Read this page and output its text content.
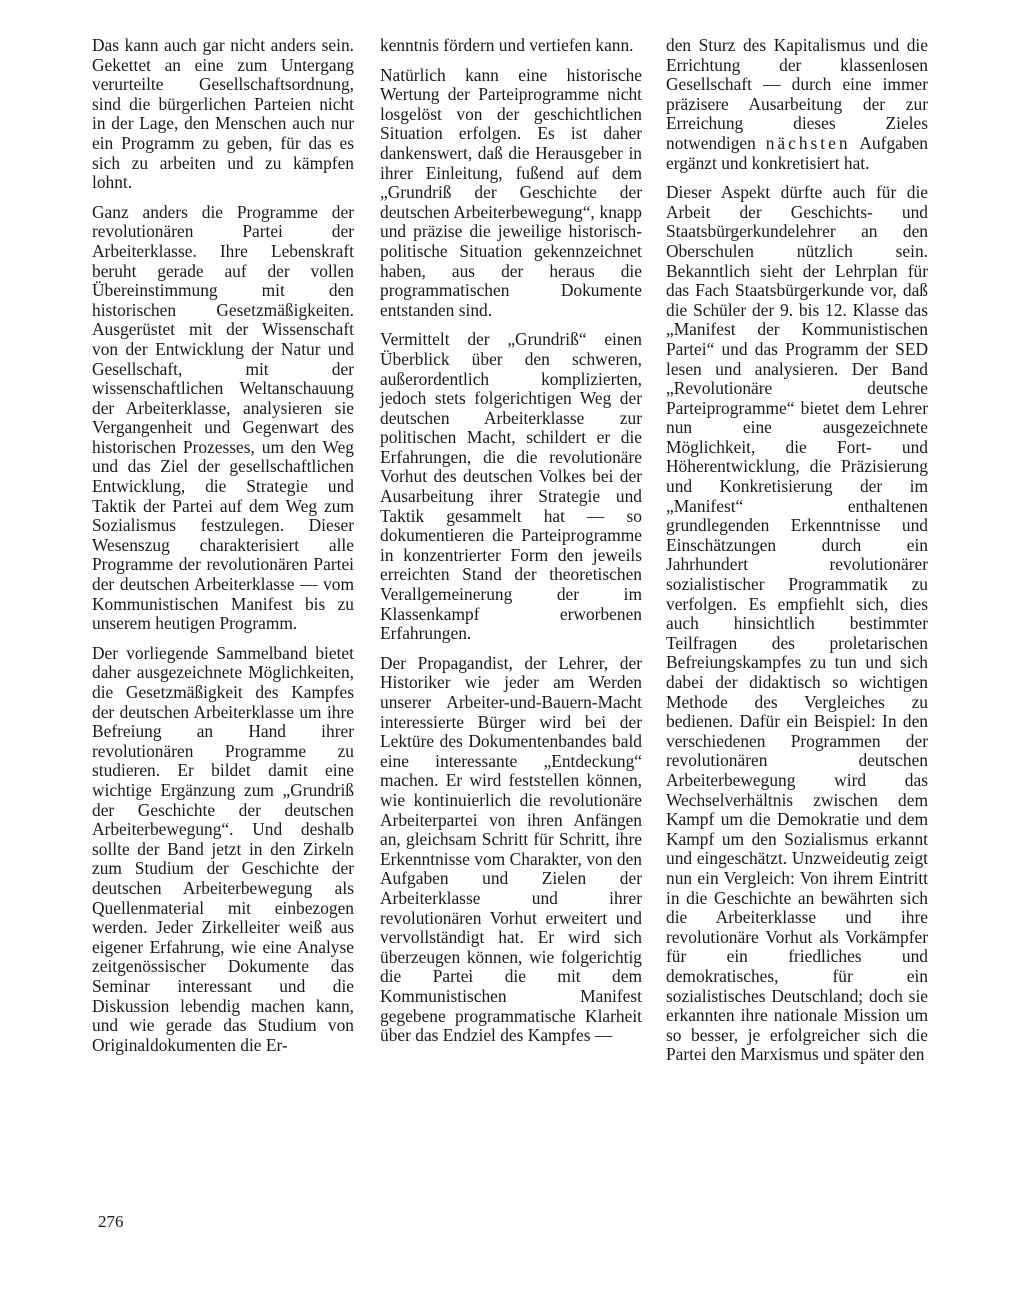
Das kann auch gar nicht anders sein. Gekettet an eine zum Untergang verurteilte Gesellschaftsordnung, sind die bürgerlichen Parteien nicht in der Lage, den Menschen auch nur ein Programm zu geben, für das es sich zu arbeiten und zu kämpfen lohnt.

Ganz anders die Programme der revolutionären Partei der Arbeiterklasse. Ihre Lebenskraft beruht gerade auf der vollen Übereinstimmung mit den historischen Gesetzmäßigkeiten. Ausgerüstet mit der Wissenschaft von der Entwicklung der Natur und Gesellschaft, mit der wissenschaftlichen Weltanschauung der Arbeiterklasse, analysieren sie Vergangenheit und Gegenwart des historischen Prozesses, um den Weg und das Ziel der gesellschaftlichen Entwicklung, die Strategie und Taktik der Partei auf dem Weg zum Sozialismus festzulegen. Dieser Wesenszug charakterisiert alle Programme der revolutionären Partei der deutschen Arbeiterklasse — vom Kommunistischen Manifest bis zu unserem heutigen Programm.

Der vorliegende Sammelband bietet daher ausgezeichnete Möglichkeiten, die Gesetzmäßigkeit des Kampfes der deutschen Arbeiterklasse um ihre Befreiung an Hand ihrer revolutionären Programme zu studieren. Er bildet damit eine wichtige Ergänzung zum „Grundriß der Geschichte der deutschen Arbeiterbewegung“. Und deshalb sollte der Band jetzt in den Zirkeln zum Studium der Geschichte der deutschen Arbeiterbewegung als Quellenmaterial mit einbezogen werden. Jeder Zirkelleiter weiß aus eigener Erfahrung, wie eine Analyse zeitgenössischer Dokumente das Seminar interessant und die Diskussion lebendig machen kann, und wie gerade das Studium von Originaldokumenten die Er-

kenntnis fördern und vertiefen kann.

Natürlich kann eine historische Wertung der Parteiprogramme nicht losgelöst von der geschichtlichen Situation erfolgen. Es ist daher dankenswert, daß die Herausgeber in ihrer Einleitung, fußend auf dem „Grundriß der Geschichte der deutschen Arbeiterbewegung“, knapp und präzise die jeweilige historisch-politische Situation gekennzeichnet haben, aus der heraus die programmatischen Dokumente entstanden sind.

Vermittelt der „Grundriß“ einen Überblick über den schweren, außerordentlich komplizierten, jedoch stets folgerichtigen Weg der deutschen Arbeiterklasse zur politischen Macht, schildert er die Erfahrungen, die die revolutionäre Vorhut des deutschen Volkes bei der Ausarbeitung ihrer Strategie und Taktik gesammelt hat — so dokumentieren die Parteiprogramme in konzentrierter Form den jeweils erreichten Stand der theoretischen Verallgemeinerung der im Klassenkampf erworbenen Erfahrungen.

Der Propagandist, der Lehrer, der Historiker wie jeder am Werden unserer Arbeiter-und-Bauern-Macht interessierte Bürger wird bei der Lektüre des Dokumentenbandes bald eine interessante „Entdeckung“ machen. Er wird feststellen können, wie kontinuierlich die revolutionäre Arbeiterpartei von ihren Anfängen an, gleichsam Schritt für Schritt, ihre Erkenntnisse vom Charakter, von den Aufgaben und Zielen der Arbeiterklasse und ihrer revolutionären Vorhut erweitert und vervollständigt hat. Er wird sich überzeugen können, wie folgerichtig die Partei die mit dem Kommunistischen Manifest gegebene programmatische Klarheit über das Endziel des Kampfes —

den Sturz des Kapitalismus und die Errichtung der klassenlosen Gesellschaft — durch eine immer präzisere Ausarbeitung der zur Erreichung dieses Zieles notwendigen nächsten Aufgaben ergänzt und konkretisiert hat.

Dieser Aspekt dürfte auch für die Arbeit der Geschichts- und Staatsbürgerkundelehrer an den Oberschulen nützlich sein. Bekanntlich sieht der Lehrplan für das Fach Staatsbürgerkunde vor, daß die Schüler der 9. bis 12. Klasse das „Manifest der Kommunistischen Partei“ und das Programm der SED lesen und analysieren. Der Band „Revolutionäre deutsche Parteiprogramme“ bietet dem Lehrer nun eine ausgezeichnete Möglichkeit, die Fort- und Höherentwicklung, die Präzisierung und Konkretisierung der im „Manifest“ enthaltenen grundlegenden Erkenntnisse und Einschätzungen durch ein Jahrhundert revolutionärer sozialistischer Programmatik zu verfolgen. Es empfiehlt sich, dies auch hinsichtlich bestimmter Teilfragen des proletarischen Befreiungskampfes zu tun und sich dabei der didaktisch so wichtigen Methode des Vergleiches zu bedienen. Dafür ein Beispiel: In den verschiedenen Programmen der revolutionären deutschen Arbeiterbewegung wird das Wechselverhältnis zwischen dem Kampf um die Demokratie und dem Kampf um den Sozialismus erkannt und eingeschätzt. Unzweideutig zeigt nun ein Vergleich: Von ihrem Eintritt in die Geschichte an bewährten sich die Arbeiterklasse und ihre revolutionäre Vorhut als Vorkämpfer für ein friedliches und demokratisches, für ein sozialistisches Deutschland; doch sie erkannten ihre nationale Mission um so besser, je erfolgreicher sich die Partei den Marxismus und später den

276
